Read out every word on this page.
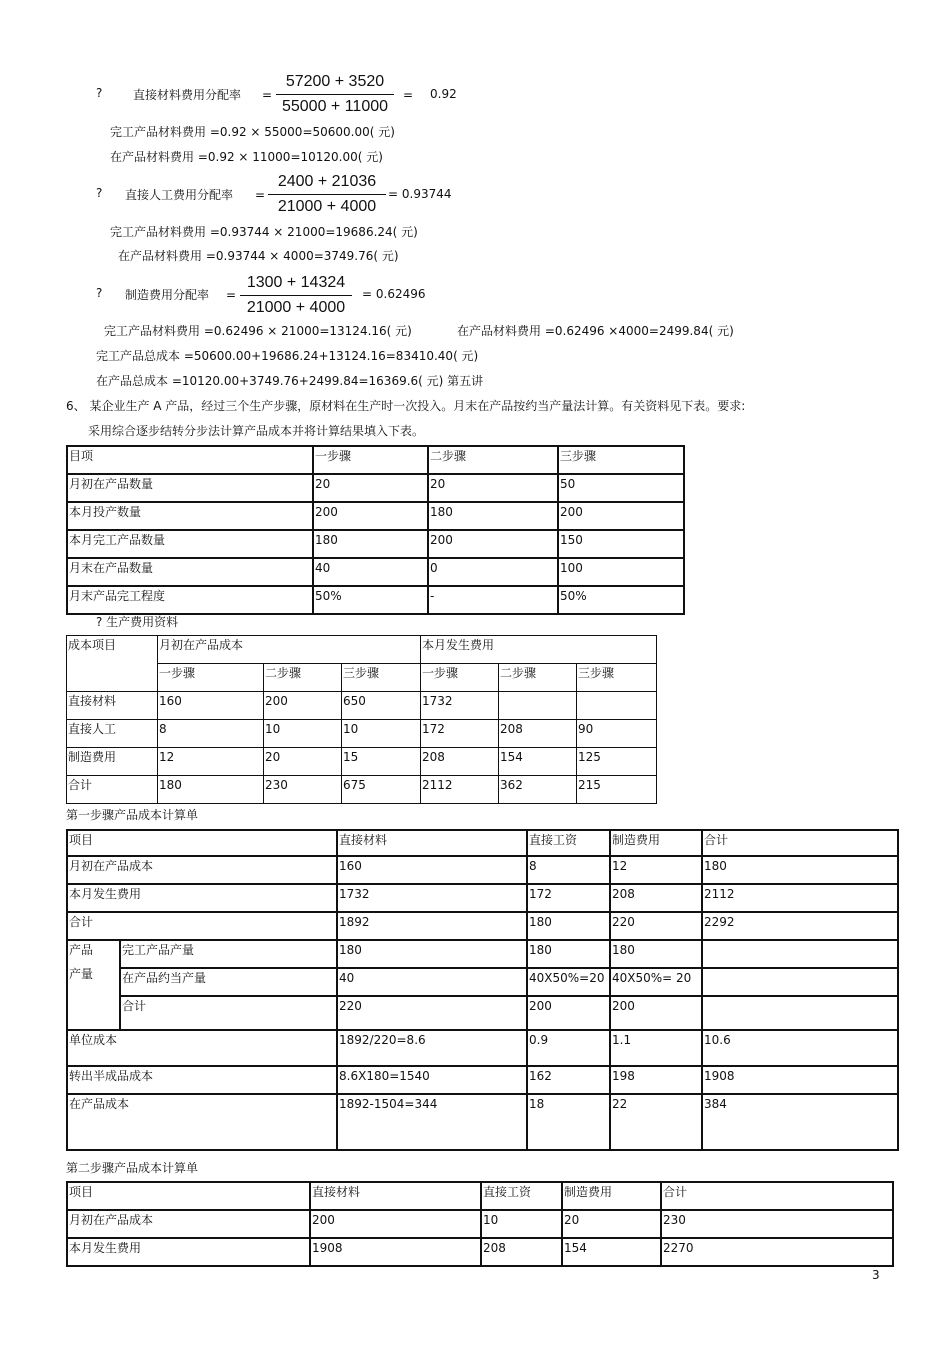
?	直接材料费用分配率 = $\frac{57200 + 3520}{55000 + 11000} = 0.92$
完工产品材料费用 =0.92 × 55000=50600.00( 元)
在产品材料费用 =0.92 × 11000=10120.00( 元)
? 直接人工费用分配率 = $\frac{2400 + 21036}{21000 + 4000} = 0.93744$
完工产品材料费用 =0.93744 × 21000=19686.24( 元)
在产品材料费用 =0.93744 × 4000=3749.76( 元)
? 制造费用分配率 = $\frac{1300 + 14324}{21000 + 4000} = 0.62496$
完工产品材料费用 =0.62496 × 21000=13124.16( 元)	在产品材料费用 =0.62496 ×4000=2499.84( 元)
完工产品总成本 =50600.00+19686.24+13124.16=83410.40( 元)
在产品总成本 =10120.00+3749.76+2499.84=16369.6( 元) 第五讲
6、 某企业生产 A 产品，经过三个生产步骤，原材料在生产时一次投入。月末在产品按约当产量法计算。有关资料见下表。要求:
采用综合逐步结转分步法计算产品成本并将计算结果填入下表。
目项	一步骤	二步骤	三步骤
月初在产品数量	20	20	50
本月投产数量	200	180	200
本月完工产品数量	180	200	150
月末在产品数量	40	0	100
月末产品完工程度	50%	-	50%
? 生产费用资料
成本项目	月初在产品成本			本月发生费用		
	一步骤	二步骤	三步骤	一步骤	二步骤	三步骤
直接材料	160	200	650	1732		
直接人工	8	10	10	172	208	90
制造费用	12	20	15	208	154	125
合计	180	230	675	2112	362	215
第一步骤产品成本计算单
项目		直接材料	直接工资	制造费用	合计
月初在产品成本		160	8	12	180
本月发生费用		1732	172	208	2112
合计		1892	180	220	2292

产品
产量	完工产品产量	180	180	180	
	在产品约当产量	40	40X50%=20	40X50%= 20	
	合计	220	200	200	
单位成本		1892/220=8.6	0.9	1.1	10.6
转出半成品成本		8.6X180=1540	162	198	1908
在产品成本		1892-1504=344	18	22	384
第二步骤产品成本计算单
项目	直接材料	直接工资	制造费用	合计
月初在产品成本	200	10	20	230
本月发生费用	1908	208	154	2270
3
